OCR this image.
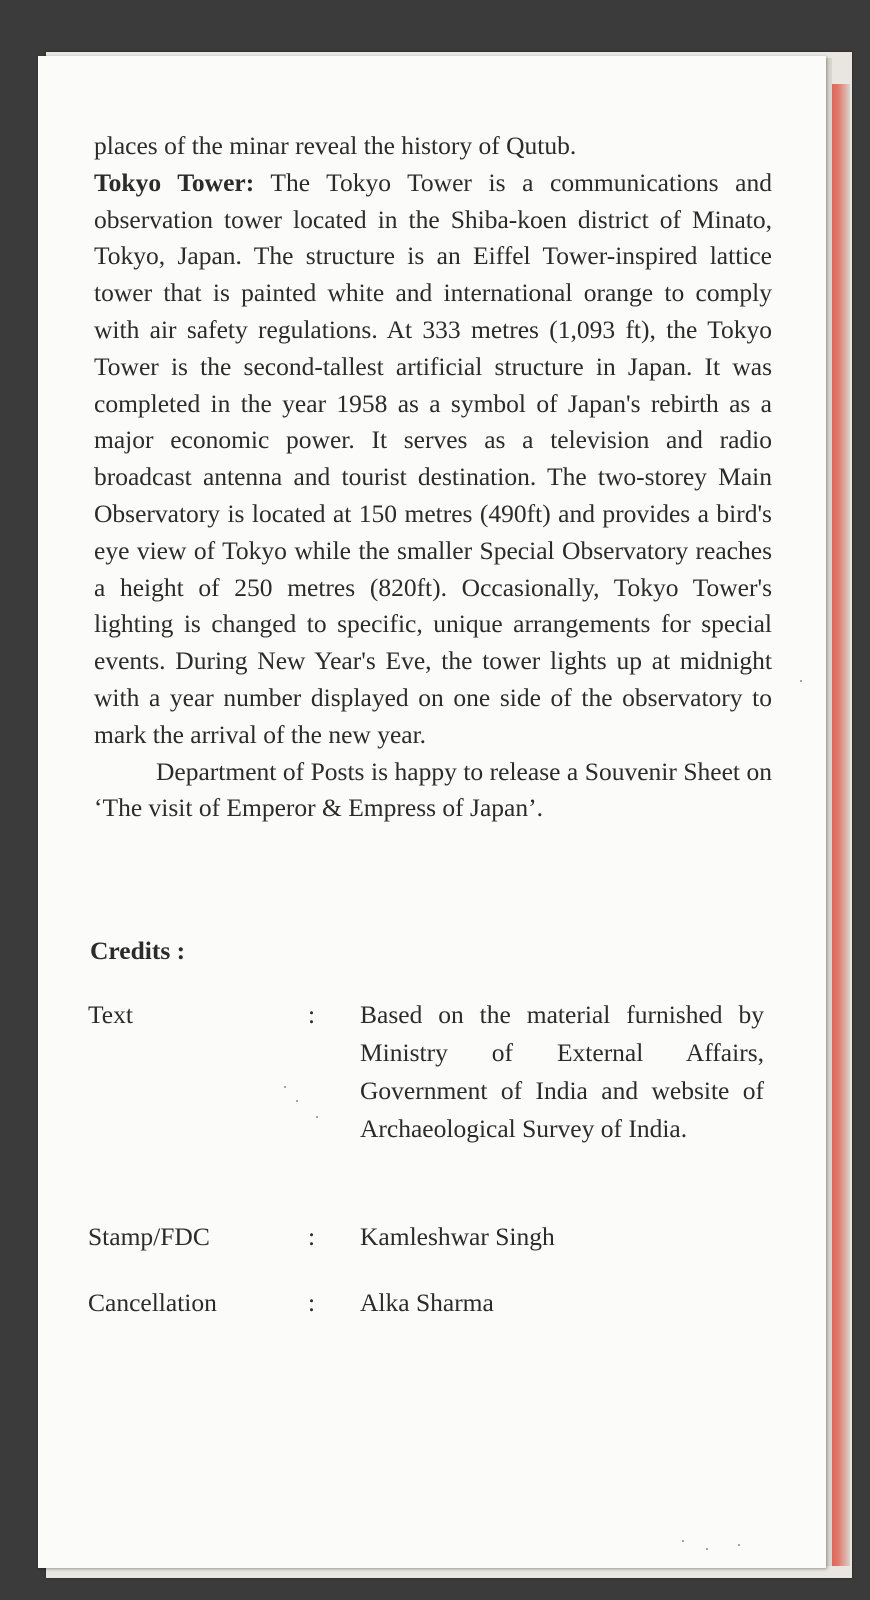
places of the minar reveal the history of Qutub.

Tokyo Tower: The Tokyo Tower is a communications and observation tower located in the Shiba-koen district of Minato, Tokyo, Japan. The structure is an Eiffel Tower-inspired lattice tower that is painted white and international orange to comply with air safety regulations. At 333 metres (1,093 ft), the Tokyo Tower is the second-tallest artificial structure in Japan. It was completed in the year 1958 as a symbol of Japan's rebirth as a major economic power. It serves as a television and radio broadcast antenna and tourist destination. The two-storey Main Observatory is located at 150 metres (490ft) and provides a bird's eye view of Tokyo while the smaller Special Observatory reaches a height of 250 metres (820ft). Occasionally, Tokyo Tower's lighting is changed to specific, unique arrangements for special events. During New Year's Eve, the tower lights up at midnight with a year number displayed on one side of the observatory to mark the arrival of the new year.

Department of Posts is happy to release a Souvenir Sheet on ‘The visit of Emperor & Empress of Japan’.

Credits :
Text	: Based on the material furnished by Ministry of External Affairs, Government of India and website of Archaeological Survey of India.
Stamp/FDC	: Kamleshwar Singh
Cancellation	: Alka Sharma
